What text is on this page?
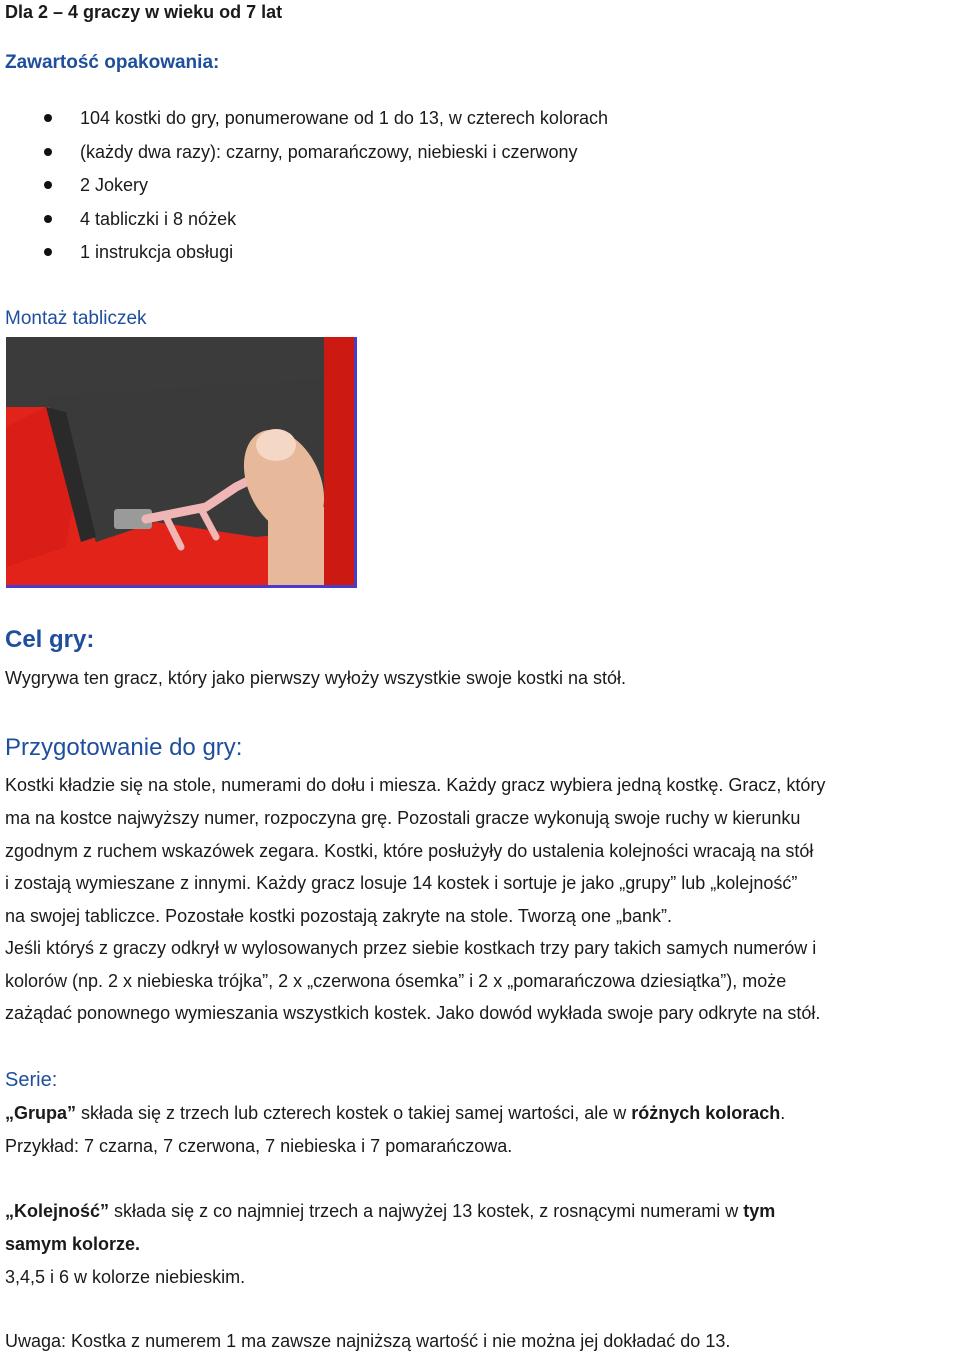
Dla 2 – 4 graczy w wieku od 7 lat
Zawartość opakowania:
104 kostki do gry, ponumerowane od 1 do 13, w czterech kolorach
(każdy dwa razy): czarny, pomarańczowy, niebieski i czerwony
2 Jokery
4 tabliczki i 8 nóżek
1 instrukcja obsługi
Montaż tabliczek
Cel gry:
Wygrywa ten gracz, który jako pierwszy wyłoży wszystkie swoje kostki na stół.
Przygotowanie do gry:
Kostki kładzie się na stole, numerami do dołu i miesza. Każdy gracz wybiera jedną kostkę. Gracz, który
ma na kostce najwyższy numer, rozpoczyna grę. Pozostali gracze wykonują swoje ruchy w kierunku
zgodnym z ruchem wskazówek zegara. Kostki, które posłużyły do ustalenia kolejności wracają na stół
i zostają wymieszane z innymi. Każdy gracz losuje 14 kostek i sortuje je jako „grupy” lub „kolejność”
na swojej tabliczce. Pozostałe kostki pozostają zakryte na stole. Tworzą one „bank”.
Jeśli któryś z graczy odkrył w wylosowanych przez siebie kostkach trzy pary takich samych numerów i
kolorów (np. 2 x niebieska trójka”, 2 x „czerwona ósemka” i 2 x „pomarańczowa dziesiątka”), może
zażądać ponownego wymieszania wszystkich kostek. Jako dowód wykłada swoje pary odkryte na stół.
Serie:
„Grupa” składa się z trzech lub czterech kostek o takiej samej wartości, ale w różnych kolorach.
Przykład: 7 czarna, 7 czerwona, 7 niebieska i 7 pomarańczowa.
„Kolejność” składa się z co najmniej trzech a najwyżej 13 kostek, z rosnącymi numerami w tym
samym kolorze.
3,4,5 i 6 w kolorze niebieskim.
Uwaga: Kostka z numerem 1 ma zawsze najniższą wartość i nie można jej dokładać do 13.
